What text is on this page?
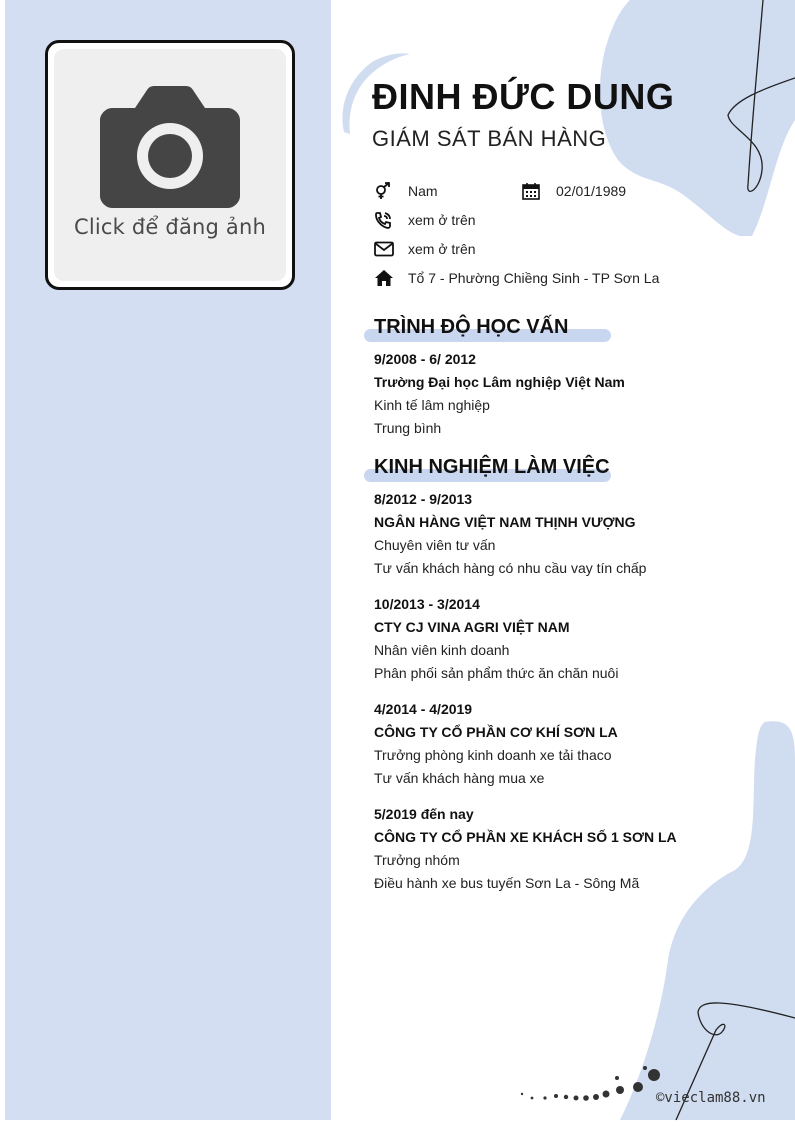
Click để đăng ảnh
ĐINH ĐỨC DUNG
GIÁM SÁT BÁN HÀNG
Nam	02/01/1989
xem ở trên
xem ở trên
Tổ 7 - Phường Chiềng Sinh - TP Sơn La
TRÌNH ĐỘ HỌC VẤN
9/2008 - 6/ 2012
Trường Đại học Lâm nghiệp Việt Nam
Kinh tế lâm nghiệp
Trung bình
KINH NGHIỆM LÀM VIỆC
8/2012 - 9/2013
NGÂN HÀNG VIỆT NAM THỊNH VƯỢNG
Chuyên viên tư vấn
Tư vấn khách hàng có nhu cầu vay tín chấp
10/2013 - 3/2014
CTY CJ VINA AGRI VIỆT NAM
Nhân viên kinh doanh
Phân phối sản phẩm thức ăn chăn nuôi
4/2014 - 4/2019
CÔNG TY CỔ PHẦN CƠ KHÍ SƠN LA
Trưởng phòng kinh doanh xe tải thaco
Tư vấn khách hàng mua xe
5/2019 đến nay
CÔNG TY CỔ PHẦN XE KHÁCH SỐ 1 SƠN LA
Trưởng nhóm
Điều hành xe bus tuyến Sơn La - Sông Mã
©vieclam88.vn
